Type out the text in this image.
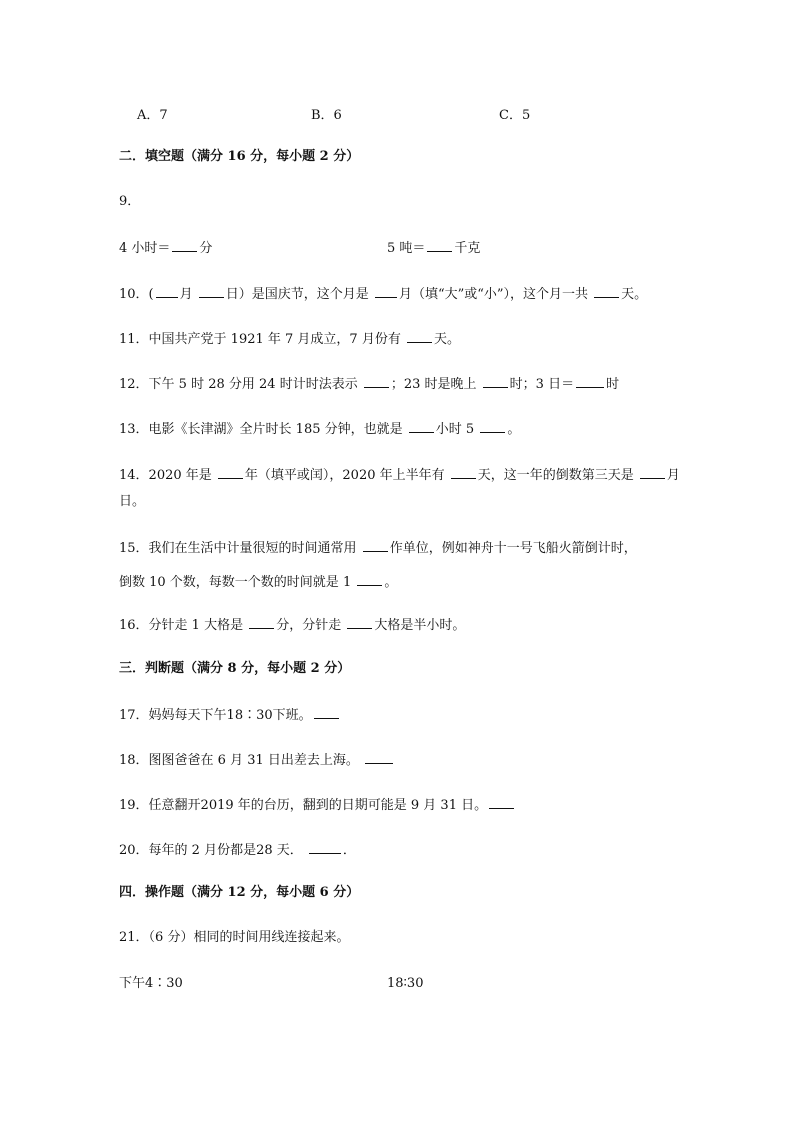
A．7	B．6	C．5
二．填空题（满分 16 分，每小题 2 分）
9．
4 小时＝ 分	5 吨＝ 千克
10．( 月	日）是国庆节，这个月是 月（填“大”或“小”），这个月一共	天。
11．中国共产党于 1921 年 7 月成立，7 月份有	天。
12．下午 5 时 28 分用 24 时计时法表示	；23 时是晚上	时；3 日＝ 时
13．电影《长津湖》全片时长 185 分钟，也就是	小时 5	。
14．2020 年是	年（填平或闰），2020 年上半年有	天，这一年的倒数第三天是	月
日。
15．我们在生活中计量很短的时间通常用	作单位，例如神舟十一号飞船火箭倒计时，
倒数 10 个数，每数一个数的时间就是 1	。
16．分针走 1 大格是	分，分针走	大格是半小时。
三．判断题（满分 8 分，每小题 2 分）
17．妈妈每天下午18∶30下班。
18．图图爸爸在 6 月 31 日出差去上海。
19．任意翻开2019 年的台历，翻到的日期可能是 9 月 31 日。
20．每年的 2 月份都是28 天．	．
四．操作题（满分 12 分，每小题 6 分）
21．（6 分）相同的时间用线连接起来。
下午4∶30	18∶30
